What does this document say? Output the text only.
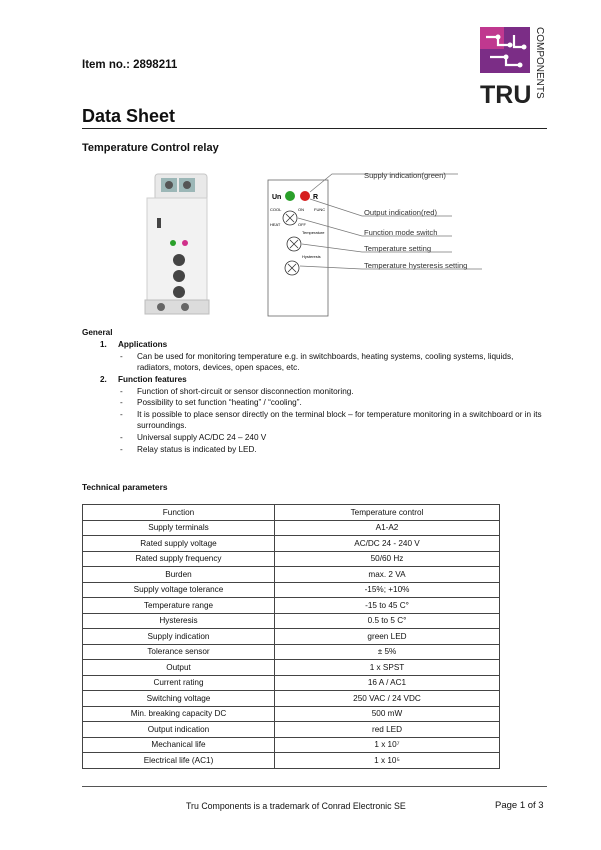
Item no.: 2898211
TRU COMPONENTS
Data Sheet
Temperature Control relay
Un	R
COOL	ON	FUNC
HEAT	OFF
Temperature
Hysteresis
Supply indication(green)
Output indication(red)
Function mode switch
Temperature setting
Temperature hysteresis setting
General
1. Applications
- Can be used for monitoring temperature e.g. in switchboards, heating systems, cooling systems, liquids,
radiators, motors, devices, open spaces, etc.
2. Function features
- Function of short-circuit or sensor disconnection monitoring.
- Possibility to set function “heating” / “cooling”.
- It is possible to place sensor directly on the terminal block – for temperature monitoring in a switchboard or in its
surroundings.
- Universal supply AC/DC 24 – 240 V
- Relay status is indicated by LED.
Technical parameters
Function	Temperature control
Supply terminals	A1-A2
Rated supply voltage	AC/DC 24 - 240 V
Rated supply frequency	50/60 Hz
Burden	max. 2 VA
Supply voltage tolerance	-15%; +10%
Temperature range	-15 to 45 C°
Hysteresis	0.5 to 5 C°
Supply indication	green LED
Tolerance sensor	± 5%
Output	1 x SPST
Current rating	16 A / AC1
Switching voltage	250 VAC / 24 VDC
Min. breaking capacity DC	500 mW
Output indication	red LED
Mechanical life	1 x 10⁷
Electrical life (AC1)	1 x 10⁵
Tru Components is a trademark of Conrad Electronic SE	Page 1 of 3
